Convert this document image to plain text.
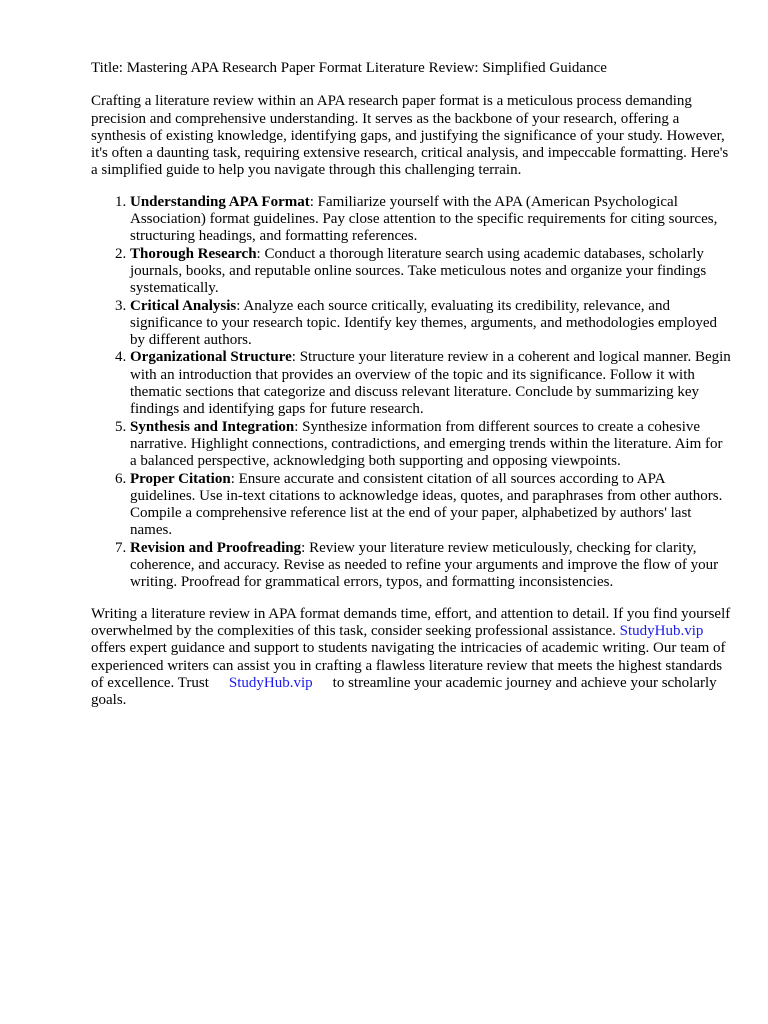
Title: Mastering APA Research Paper Format Literature Review: Simplified Guidance

Crafting a literature review within an APA research paper format is a meticulous process demanding precision and comprehensive understanding. It serves as the backbone of your research, offering a synthesis of existing knowledge, identifying gaps, and justifying the significance of your study. However, it's often a daunting task, requiring extensive research, critical analysis, and impeccable formatting. Here's a simplified guide to help you navigate through this challenging terrain.

1. Understanding APA Format: Familiarize yourself with the APA (American Psychological Association) format guidelines. Pay close attention to the specific requirements for citing sources, structuring headings, and formatting references.
2. Thorough Research: Conduct a thorough literature search using academic databases, scholarly journals, books, and reputable online sources. Take meticulous notes and organize your findings systematically.
3. Critical Analysis: Analyze each source critically, evaluating its credibility, relevance, and significance to your research topic. Identify key themes, arguments, and methodologies employed by different authors.
4. Organizational Structure: Structure your literature review in a coherent and logical manner. Begin with an introduction that provides an overview of the topic and its significance. Follow it with thematic sections that categorize and discuss relevant literature. Conclude by summarizing key findings and identifying gaps for future research.
5. Synthesis and Integration: Synthesize information from different sources to create a cohesive narrative. Highlight connections, contradictions, and emerging trends within the literature. Aim for a balanced perspective, acknowledging both supporting and opposing viewpoints.
6. Proper Citation: Ensure accurate and consistent citation of all sources according to APA guidelines. Use in-text citations to acknowledge ideas, quotes, and paraphrases from other authors. Compile a comprehensive reference list at the end of your paper, alphabetized by authors' last names.
7. Revision and Proofreading: Review your literature review meticulously, checking for clarity, coherence, and accuracy. Revise as needed to refine your arguments and improve the flow of your writing. Proofread for grammatical errors, typos, and formatting inconsistencies.

Writing a literature review in APA format demands time, effort, and attention to detail. If you find yourself overwhelmed by the complexities of this task, consider seeking professional assistance. StudyHub.vipoffers expert guidance and support to students navigating the intricacies of academic writing. Our team of experienced writers can assist you in crafting a flawless literature review that meets the highest standards of excellence. Trust StudyHub.vip to streamline your academic journey and achieve your scholarly goals.
